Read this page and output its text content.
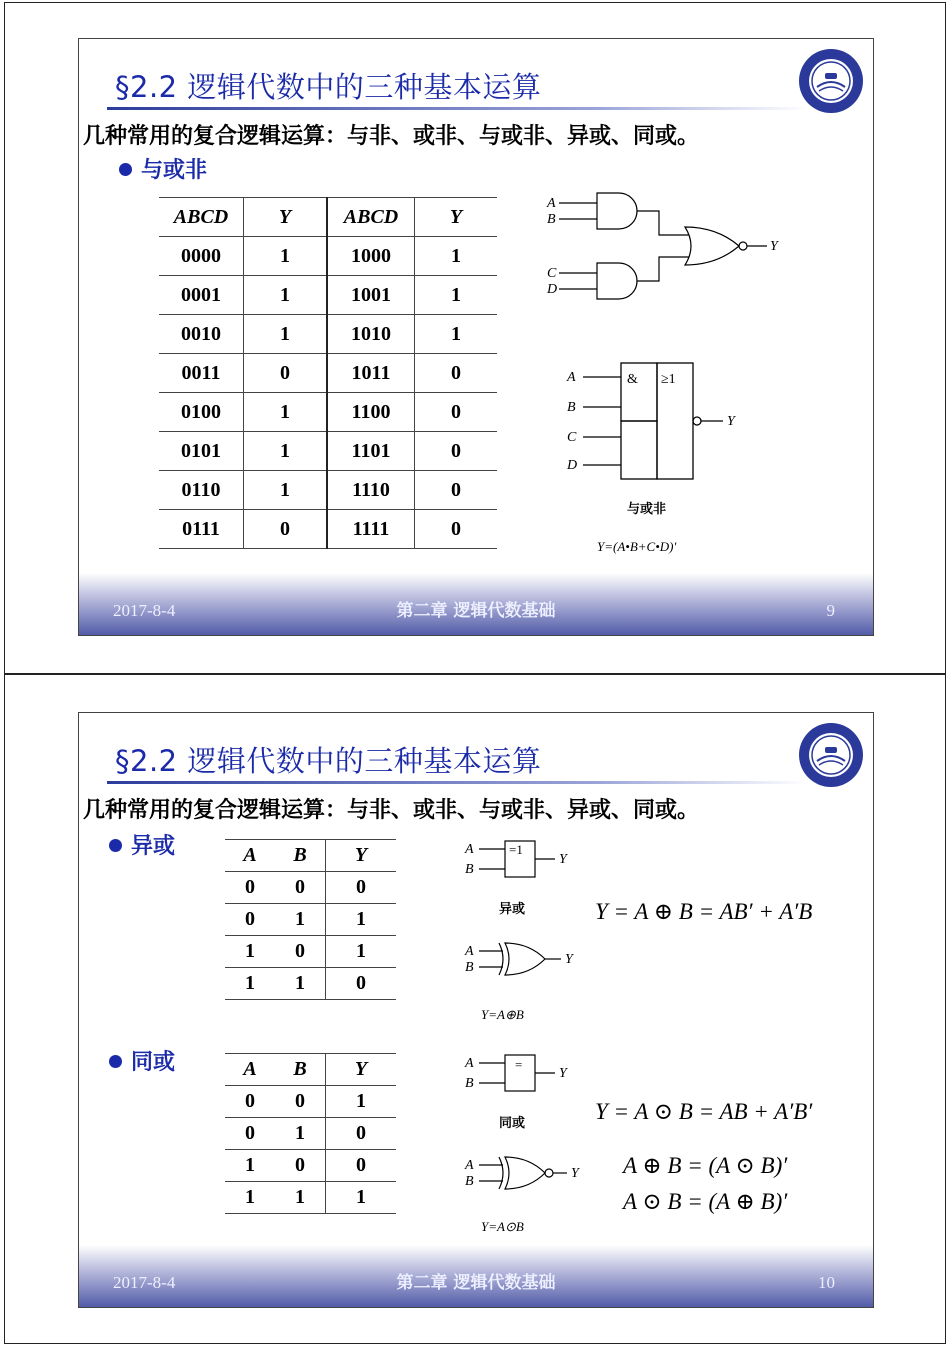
§2.2 逻辑代数中的三种基本运算
几种常用的复合逻辑运算：与非、或非、与或非、异或、同或。
与或非
ABCD	Y	ABCD	Y
0000	1	1000	1
0001	1	1001	1
0010	1	1010	1
0011	0	1011	0
0100	1	1100	0
0101	1	1101	0
0110	1	1110	0
0111	0	1111	0
A
B
C
D
Y
A
B
C
D
& ≥1
Y
与或非
Y=(A•B+C•D)′
2017-8-4	第二章 逻辑代数基础	9
§2.2 逻辑代数中的三种基本运算
几种常用的复合逻辑运算：与非、或非、与或非、异或、同或。
异或	A	B	Y
0	0	0
0	1	1
1	0	1
1	1	0
A
B
=1
Y
异或
A
B
Y
Y=A⊕B
Y = A ⊕ B = AB′ + A′B
同或	A	B	Y
0	0	1
0	1	0
1	0	0
1	1	1
A
B
=
Y
同或
A
B
Y
Y=A⊙B
Y = A ⊙ B = AB + A′B′
A ⊕ B = (A ⊙ B)′
A ⊙ B = (A ⊕ B)′
2017-8-4	第二章 逻辑代数基础	10
